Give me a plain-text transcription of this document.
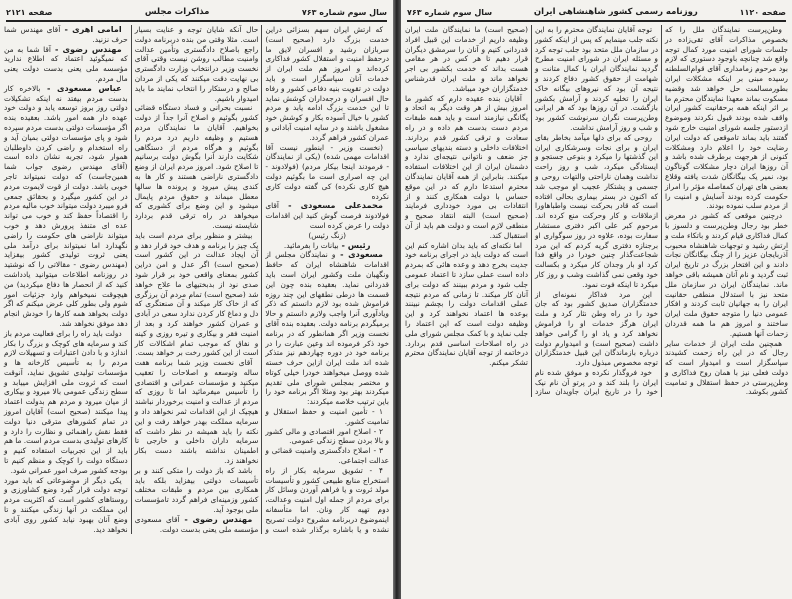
سال سوم شماره ۷۶۳
مذاکرات مجلس
صفحه ۲۱۲۱

که ارتش ایران سهم بسزائی دراین خدمت بزرگ دارد (صحیح است) سربازان رشید و افسران لایق ما درحفظ امنیت و استقلال کشور فداکاری کرده‌اند و امروز هم ملت ایران از خدمات آنان سپاسگزار است و باید دولت در تقویت بنیه دفاعی کشور و رفاه حال افسران و درجه‌داران کوشش نماید تا این خدمت بزرگ ادامه یابد و مردم کشور با خیال آسوده بکار و کوشش خود مشغول باشند و در سایه امنیت آبادانی و عمران کشور فراهم گردد.

(نخست وزیر - اینطور نیست آقا اقدامات مهمی شده) (یکی از نمایندگان - فرمودند اینجا بیکار مردم) (فولادوند - این چه اصراری است ما بگوئیم دولت هیچ کاری نکرده) کی گفته دولت کاری نکرده

محمدعلی مسعودی - آقای فولادوند فرصت گوش کنید این اقدامات دولت را عرض کرده است

(زنگ رئیس)

رئیس - بیانات را بفرمائید.

مسعودی - و نمایندگان مجلس از اقدامات شاهنشاه ایران که حافظ ونگهبان ملت وکشور ایران است باید قدردانی نماید. بعقیده بنده چون این قسمت ها درطی نطقهای این چند روزه فراموش شده بود لازم دانستم که ذکر ویادآوری آنرا واجب ولازم دانستم و حالا برمیگردم برنامه دولت. بعقیده بنده آقای نخست وزیر اگر همانطور که در برنامه خود ذکر فرموده اند وعین عبارت را در برنامه خود در دوره چهاردهم نیز متذکر شده اند ملت ایران ازاین حرف خسته شده ووصل میخواهند خودرا خیلی کوتاه و مختصر بمجلس شورای ملی تقدیم میکردند بهتر بود ومثلا اگر برنامه خود را باین ترتیب خلاصه میکردند:

۱ - تأمین امنیت و حفظ استقلال و تمامیت کشور.

۲ - اصلاح امور اقتصادی و مالی کشور و بالا بردن سطح زندگی عمومی.

۳ - اصلاح دادگستری وامنیت قضائی و عدالت اجتماعی.

۴ - تشویق سرمایه بکار از راه استخراج منابع طبیعی کشور و تأسیسات مولد ثروت و یا فراهم آوردن وسائل کار برای مردم از جمله اول امنیت وعدالت، دوم تهیه کار ونان. اما متأسفانه اینموضوع دربرنامه مشروح دولت تصریح نشده و یا باشاره برگذار شده است و حال آنکه شایان توجه و عنایت بسیار است. مثلا وقتی من بنده دربرنامه دولت راجع باصلاح دادگستری وتأمین عدالت وامنیت مطالب روشن نیست وقتی آقای نخست وزیر درانتخاب وزارت دادگستری بی نهایت دقت میکنند که یکی از مردان صالح و درستکار را انتخاب نمایند ما باید امیدوار باشیم.

نسبت بحرانی و فساد دستگاه قضائی کشور بگوئیم و اصلاح آنرا جداً از دولت بخواهیم. آقایان ما نمایندگان مردم هستیم و وظیفه داریم درد مردم را بگوئیم و هرگاه مردم از دستگاهی شکایت دارند آنرا بگوش دولت برسانیم تا اصلاح شود. امروز مردم ایران از وضع دادگستری ناراضی هستند و کار ها به کندی پیش میرود و پرونده ها سالها معطل میماند و حقوق مردم پایمال میشود و این وضع برای کشوری که میخواهد در راه ترقی قدم بردارد شایسته نیست.

بیشتر و منظور برای مردم است باید یک چیز را برنامه و هدف خود قرار دهد و آن ایجاد عدالت در این کشور است (صحیح است) اگر عدل و امن دراین کشور بمعنای واقعی خود بر قرار شود صدی نود از بدبختیهای ما علاج خواهد شد (صحیح است) تمام مردم آن برزگری که از خاک کار میکند و آن صنعتگری که دل و دماغ کار کردن ندارد سعی در آبادی و عمران کشور خواهند کرد و بعد از امنیت فقر و بیکاری و تیره روزی و کینه و نفاق که موجب تمام اشکالات کار است از این کشور رخت بر خواهد بست.

آقای نخست وزیر شما برنامه هفت ساله وتوسعه و اصلاحات را تعقیب میکنید و مؤسسات عمرانی و اقتصادی را تأسیس میفرمائید اما تا روزی که مردم از عدالت و امنیت برخوردار نباشند هیچیک از این اقدامات ثمر نخواهد داد و سرمایه مملکت بهدر خواهد رفت و این نکته را باید همیشه در نظر داشت که سرمایه داران داخلی و خارجی تا اطمینان نداشته باشند دست بکار نخواهند زد.

باشد که باز دولت را متکی کنند و بر تأسیسات دولتی بیفزاید بلکه باید همکاری بین مردم و طبقات مختلف کشور وزمینه‌ای فراهم گردد تامؤسسات ملی بوجود آید.

مهندس رضوی - آقای مسعودی مؤسسه ملی یعنی بدست دولت.

امامی اهری - آقای مهندس شما حرف نزنید.

مهندس رضوی - آقا شما به من که نمیگوئید اعتماد که اطلاع ندارید مؤسسه ملی یعنی بدست دولت یعنی مال مردم.

عباس مسعودی - بالاخره کار بدست مردم بیفتد نه اینکه تشکیلات دولتی روز بروز توسعه یابد و دولت خود عهده دار همه امور باشد. بعقیده بنده اگر مؤسسات دولتی بدست مردم سپرده شود و پای مؤسسات دولتی بمیان آید و راه استخدام و راضی کردن داوطلبان هموار شود، تجربه نشان داده است (آقای مهندس رضوی جواب شما همین‌جاست) که دولت نمیتواند تاجر خوبی باشد. دولت از قوت لایموت مردم در این کشور میگیرد و بحقائق جمعی فرو میبرد دولت میتواند خوب مالیه مردم را اقتصاداً حفظ کند و خوب می تواند عده ای متنفذ پرورش دهد و خوب میتواند ناراضی های حکومت را راضی نگهدارد اما نمیتواند برای درآمد ملی یعنی ثروت تولیدی کشور بیفزاید (مهندس رضوی - مقالاتی را که نوشتید در روزنامه اطلاعات میتوانید یادداشت کنید که از انحصار ها دفاع میکردید) من هیچوقت نمیخواهم وارد جزئیات امور شوم ولی بطور کلی عرض میکنم که اگر دولت بخواهد همه کارها را خودش انجام دهد موفق نخواهد شد.

دولت باید راه را برای فعالیت مردم باز کند و سرمایه های کوچک و بزرگ را بکار اندازد و با دادن اعتبارات و تسهیلات لازم مردم را به تأسیس کارخانه ها و مؤسسات تولیدی تشویق نماید، آنوقت است که ثروت ملی افزایش مییابد و سطح زندگی عمومی بالا میرود و بیکاری از میان میرود و مردم هم بدولت اعتماد پیدا میکنند (صحیح است) آقایان امروز در تمام کشورهای مترقی دنیا دولت فقط نقش راهنمائی و نظارت را دارد و کارهای تولیدی بدست مردم است. ما هم باید از این تجربیات استفاده کنیم و دستگاه دولت را کوچک و منظم کنیم تا بودجه کشور صرف امور عمرانی شود.

یکی دیگر از موضوعاتی که باید مورد توجه دولت قرار گیرد وضع کشاورزی و روستاهای کشور است که اکثریت مردم این مملکت در آنها زندگی میکنند و تا وضع آنان بهبود نیابد کشور روی آبادی نخواهد دید.

صفحه ۱۱۲۰
روزنامه رسمی کشور شاهنشاهی ایران
سال سوم شماره ۷۶۳

وطن‌پرست نمایندگان ملل را که بخصوص مذاکرات آقای تقی‌زاده در جلسات شورای امنیت مورد کمال توجه واقع شد چنانچه باوجود دستوری که لازم بود مرحوم زمامداری آقای قوام‌السلطنه رسیده مبنی بر اینکه مشکلات ایران بطورمسالمت حل خواهد شد وقضیه مسکوت بماند معهذا نمایندگان محترم ما بر اثر اینکه همه برحقانیت کشور ایران واقف شده بودند قبول نکردند وموضوع ازدستور جلسه شورای امنیت خارج شود گفتند باید بماند تاموقعی که دولت ایران رضایت خود را اعلام دارد ومشکلات کنونی از هرجهت برطرف شده باشد و آن روزها ایران دچار مشکلات گوناگون بود، نمیر یک بیگانگان شدت یافته وقلاع بعضی های تهران کمفاصله مؤثر را امراز حکومت کرده بودند آسایش و امنیت را از مردم سلب نموده بودند.

درچنین موقعی که کشور در معرض خطر بود رجال وطن‌پرست و دلسوز با کمال فداکاری قیام کردند و باتکاء ملت و ارتش رشید و توجهات شاهنشاه محبوب آذربایجان عزیز را از چنگ بیگانگان نجات دادند و این افتخار بزرگ در تاریخ ایران ثبت گردید و نام آنان همیشه باقی خواهد ماند. نمایندگان ایران در سازمان ملل متحد نیز با استدلال منطقی حقانیت ایران را به جهانیان ثابت کردند و افکار عمومی دنیا را متوجه حقوق ملت ایران ساختند و امروز هم ما همه قدردان زحمات آنها هستیم.

همچنین ملت ایران از خدمات سایر رجال که در این راه زحمت کشیدند سپاسگزار است و امیدوار است که دولت فعلی نیز با همان روح فداکاری و وطن‌پرستی در حفظ استقلال و تمامیت کشور بکوشد.

توجه آقایان نمایندگان محترم را به این نکته جلب مینمایم که پس از اینکه کشور در سازمان ملل متحد بود جلب توجه کرد و مسئله ایران در شورای امنیت مطرح گردید نمایندگان ایران با کمال متانت و شهامت از حقوق کشور دفاع کردند و نتیجه آن بود که نیروهای بیگانه خاک ایران را تخلیه کردند و آرامش بکشور بازگشت. در آن روزها بود که هر ایرانی وطن‌پرست نگران سرنوشت کشور بود و شب و روز آرامش نداشت.

روحی که برای دلها میآمد بخاطر بقای ایران و برای نجات وسرشکاری ایران این گذشتها را میکرد و بنوعی جستجو و ایستادگی میکرد، شب و روز راحت نداشت وهمان ناراحتی والتهات روحی و جسمی و پشتکار عجیب او موجب شد که اکنون در بستر بیماری بحالی افتاده است که قادر بحرکت نیست واطباهاورا ازملاقات و کار وحرکت منع کرده اند. مرحوم کبر علی اکبر دفتری مستشار سفارت بوده، علاوه در روز سوگواری او برجنازه دفتری گریه کردم که این مرد شجاعت‌گذار چنین خودرا در واقع فدا کرد او بار وجدان کار میکرد و بکسالت خود وقعی نمی گذاشت وشب و روز کار میکرد تا اینکه فوت نمود.

این مرد فداکار نمونه‌ای از خدمتگزاران صدیق کشور بود که جان خود را در راه وطن نثار کرد و ملت ایران هرگز خدمات او را فراموش نخواهد کرد و یاد او را گرامی خواهد داشت (صحیح است) و امیدوارم دولت درباره بازماندگان این قبیل خدمتگزاران توجه مخصوص مبذول دارد.

خود فروگذار نکرده و موفق شده نام ایران را بلند کند و در پرتو آن نام نیک خود را در تاریخ ایران جاویدان سازد (صحیح است) ما نمایندگان ملت ایران وظیفه داریم از خدمات این قبیل افراد قدردانی کنیم و آنان را سرمشق دیگران قرار دهیم تا هر کس در هر مقامی هست بداند که خدمت بکشور بی اجر نخواهد ماند و ملت ایران قدرشناس خدمتگزاران خود میباشد.

آقایان بنده عقیده دارم که کشور ما امروز بیش از هر وقت دیگر به اتحاد و یگانگی نیازمند است و باید همه طبقات مردم دست بدست هم داده و در راه سعادت و ترقی کشور قدم بردارند. اختلافات داخلی و دسته بندیهای سیاسی جز ضعف و ناتوانی نتیجه‌ای ندارد و دشمنان ایران از این اختلافات استفاده میکنند. بنابراین از همه آقایان نمایندگان محترم استدعا دارم که در این موقع حساس با دولت همکاری کنند و از انتقادات بی مورد خودداری فرمایند (صحیح است) البته انتقاد صحیح و منطقی لازم است و دولت هم باید از آن استقبال کند.

اما نکته‌ای که باید بدان اشاره کنم این است که دولت باید در اجرای برنامه خود جدیت بخرج دهد و وعده هائی که بمردم داده است عملی سازد تا اعتماد عمومی جلب شود و مردم ببینند که دولت برای آنان کار میکند. تا زمانی که مردم نتیجه عملی اقدامات دولت را بچشم نبینند بوعده ها اعتماد نخواهند کرد و این وظیفه دولت است که این اعتماد را جلب نماید و با کمک مجلس شورای ملی در راه اصلاحات اساسی قدم بردارد. درخاتمه از توجه آقایان نمایندگان محترم تشکر میکنم.
